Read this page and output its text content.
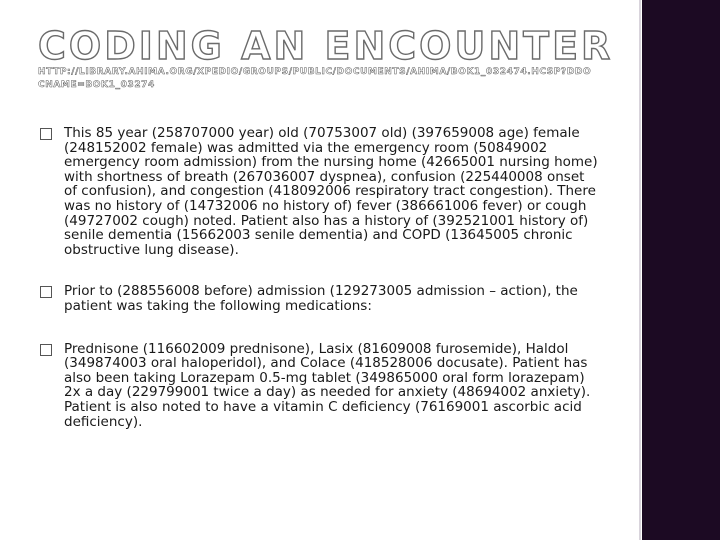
CODING AN ENCOUNTER
HTTP://LIBRARY.AHIMA.ORG/XPEDIO/GROUPS/PUBLIC/DOCUMENTS/AHIMA/BOK1_032474.HCSP?DDOCNAME=BOK1_03274
This 85 year (258707000 year) old (70753007 old) (397659008 age) female (248152002 female) was admitted via the emergency room (50849002 emergency room admission) from the nursing home (42665001 nursing home) with shortness of breath (267036007 dyspnea), confusion (225440008 onset of confusion), and congestion (418092006 respiratory tract congestion). There was no history of (14732006 no history of) fever (386661006 fever) or cough (49727002 cough) noted. Patient also has a history of (392521001 history of) senile dementia (15662003 senile dementia) and COPD (13645005 chronic obstructive lung disease).
Prior to (288556008 before) admission (129273005 admission – action), the patient was taking the following medications:
Prednisone (116602009 prednisone), Lasix (81609008 furosemide), Haldol (349874003 oral haloperidol), and Colace (418528006 docusate). Patient has also been taking Lorazepam 0.5-mg tablet (349865000 oral form lorazepam) 2x a day (229799001 twice a day) as needed for anxiety (48694002 anxiety). Patient is also noted to have a vitamin C deficiency (76169001 ascorbic acid deficiency).
